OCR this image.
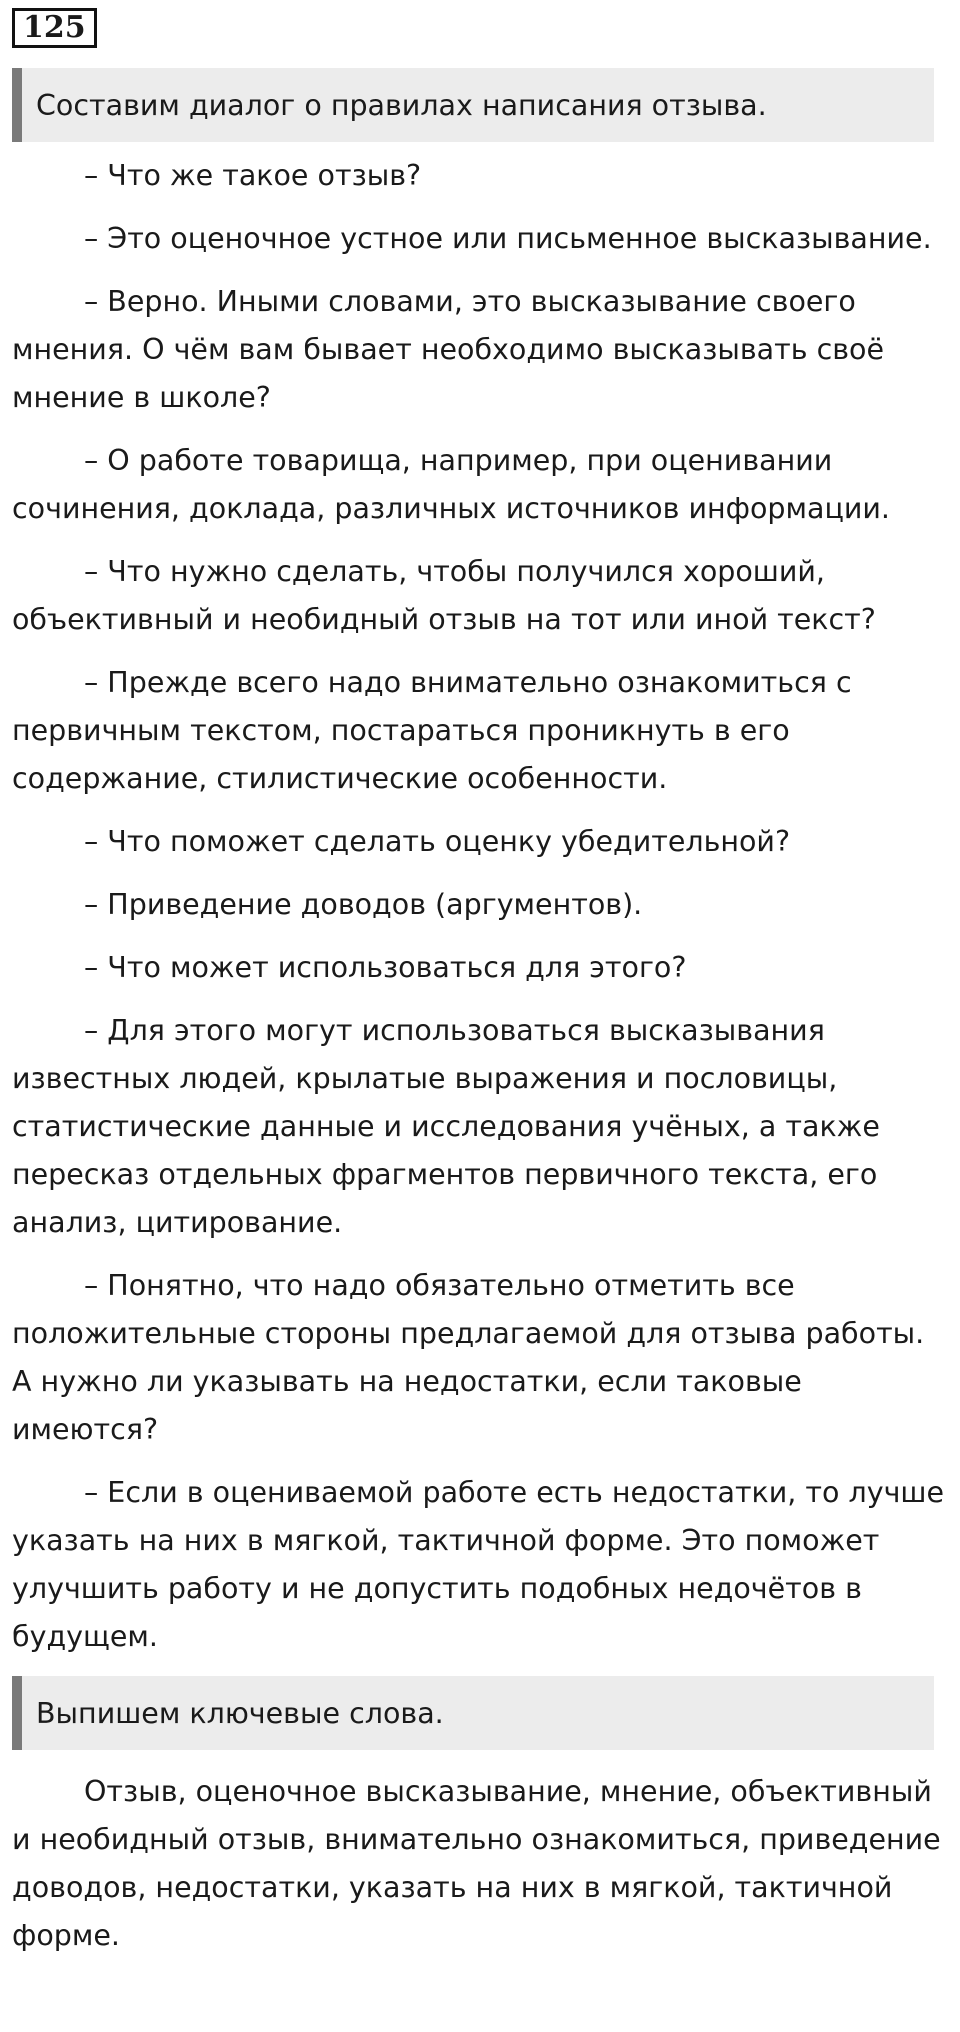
125
Составим диалог о правилах написания отзыва.

– Что же такое отзыв?

– Это оценочное устное или письменное высказывание.

– Верно. Иными словами, это высказывание своего мнения. О чём вам бывает необходимо высказывать своё мнение в школе?

– О работе товарища, например, при оценивании сочинения, доклада, различных источников информации.

– Что нужно сделать, чтобы получился хороший, объективный и необидный отзыв на тот или иной текст?

– Прежде всего надо внимательно ознакомиться с первичным текстом, постараться проникнуть в его содержание, стилистические особенности.

– Что поможет сделать оценку убедительной?

– Приведение доводов (аргументов).

– Что может использоваться для этого?

– Для этого могут использоваться высказывания известных людей, крылатые выражения и пословицы, статистические данные и исследования учёных, а также пересказ отдельных фрагментов первичного текста, его анализ, цитирование.

– Понятно, что надо обязательно отметить все положительные стороны предлагаемой для отзыва работы. А нужно ли указывать на недостатки, если таковые имеются?

– Если в оцениваемой работе есть недостатки, то лучше указать на них в мягкой, тактичной форме. Это поможет улучшить работу и не допустить подобных недочётов в будущем.

Выпишем ключевые слова.

Отзыв, оценочное высказывание, мнение, объективный и необидный отзыв, внимательно ознакомиться, приведение доводов, недостатки, указать на них в мягкой, тактичной форме.
